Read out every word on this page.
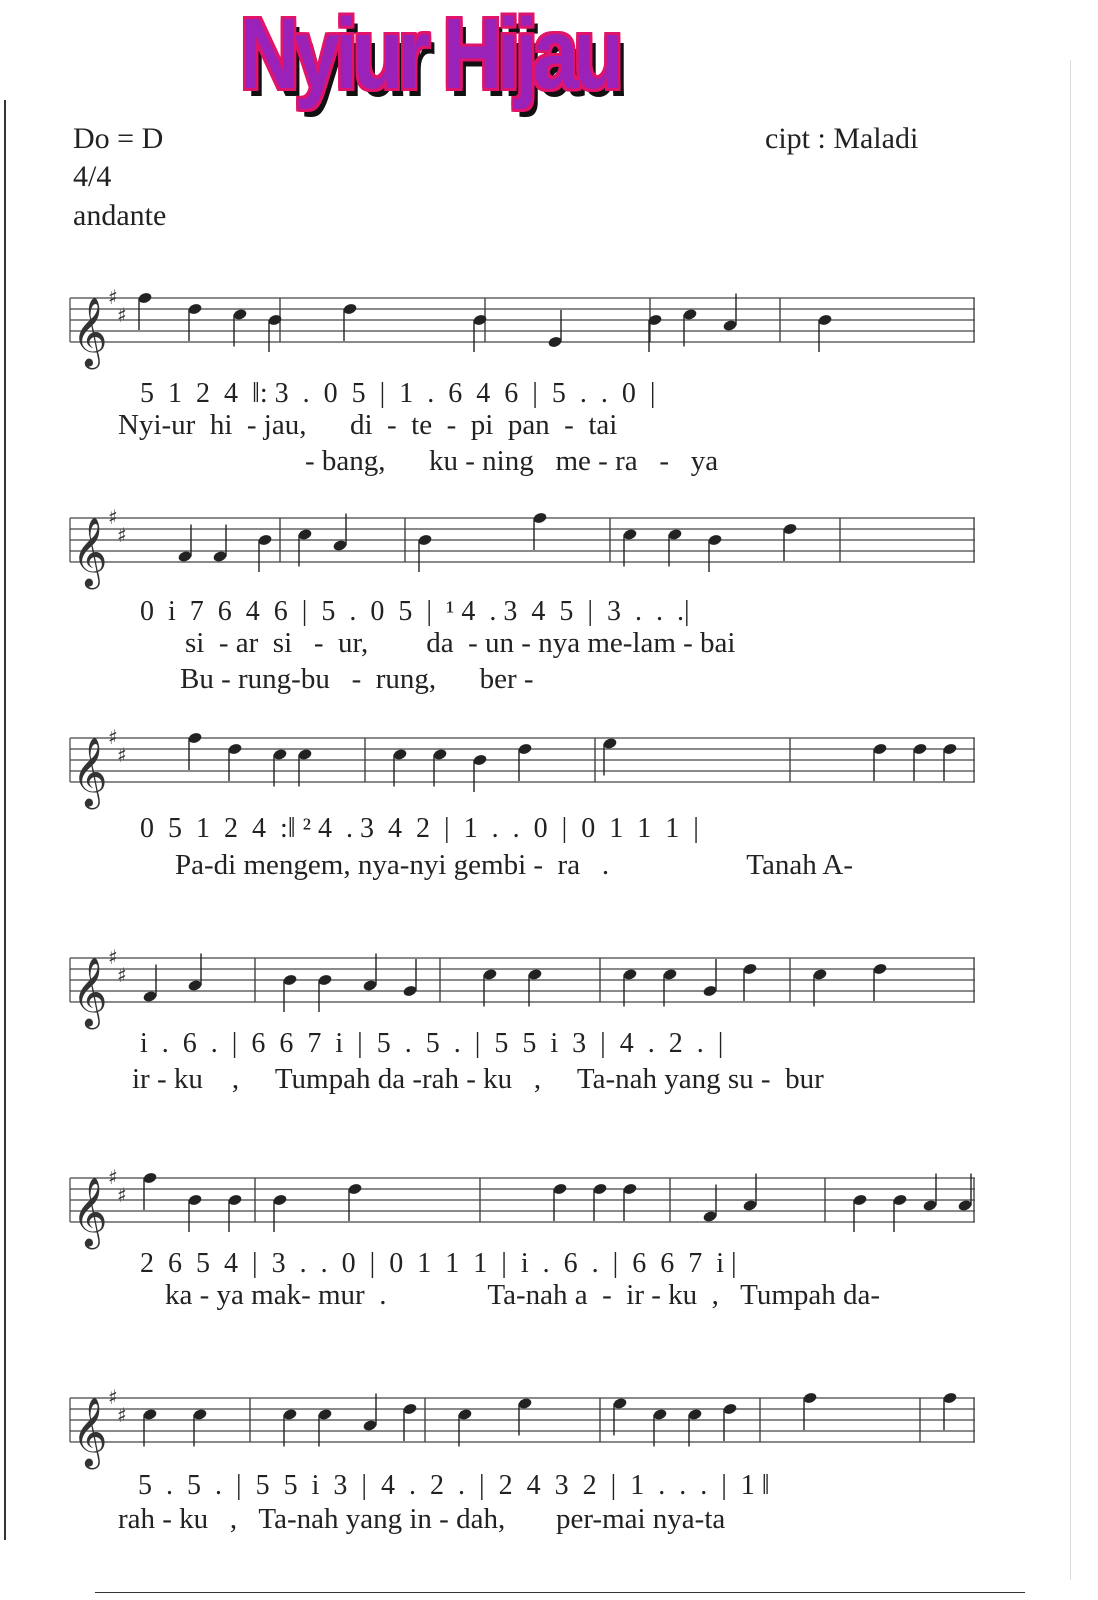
Nyiur Hijau
Do = D
4/4
andante
cipt : Maladi
𝄞 ♯
♯
5  1  2  4  ‖: 3  .  0  5  |  1  .  6  4  6  |  5  .  .  0  |
Nyi-ur  hi  - jau,      di  -  te  -  pi  pan  -  tai
- bang,      ku - ning   me - ra   -   ya
𝄞 ♯
♯
0  i  7  6  4  6  |  5  .  0  5  |  ¹ 4  . 3  4  5  |  3  .  .  .|
si  - ar  si   -  ur,        da  - un - nya me-lam - bai
Bu - rung-bu   -  rung,      ber -
𝄞 ♯
♯
0  5  1  2  4  :‖ ² 4  . 3  4  2  |  1  .  .  0  |  0  1  1  1  |
Pa-di mengem, nya-nyi gembi -  ra   .                   Tanah A-
𝄞 ♯
♯
i  .  6  .  |  6  6  7  i  |  5  .  5  .  |  5  5  i  3  |  4  .  2  .  |
ir - ku    ,     Tumpah da -rah - ku   ,     Ta-nah yang su -  bur
𝄞 ♯
♯
2  6  5  4  |  3  .  .  0  |  0  1  1  1  |  i  .  6  .  |  6  6  7  i |
ka - ya mak- mur  .              Ta-nah a  -  ir - ku  ,   Tumpah da-
𝄞 ♯
♯
5  .  5  .  |  5  5  i  3  |  4  .  2  .  |  2  4  3  2  |  1  .  .  .  |  1 ‖
rah - ku   ,   Ta-nah yang in - dah,       per-mai nya-ta
